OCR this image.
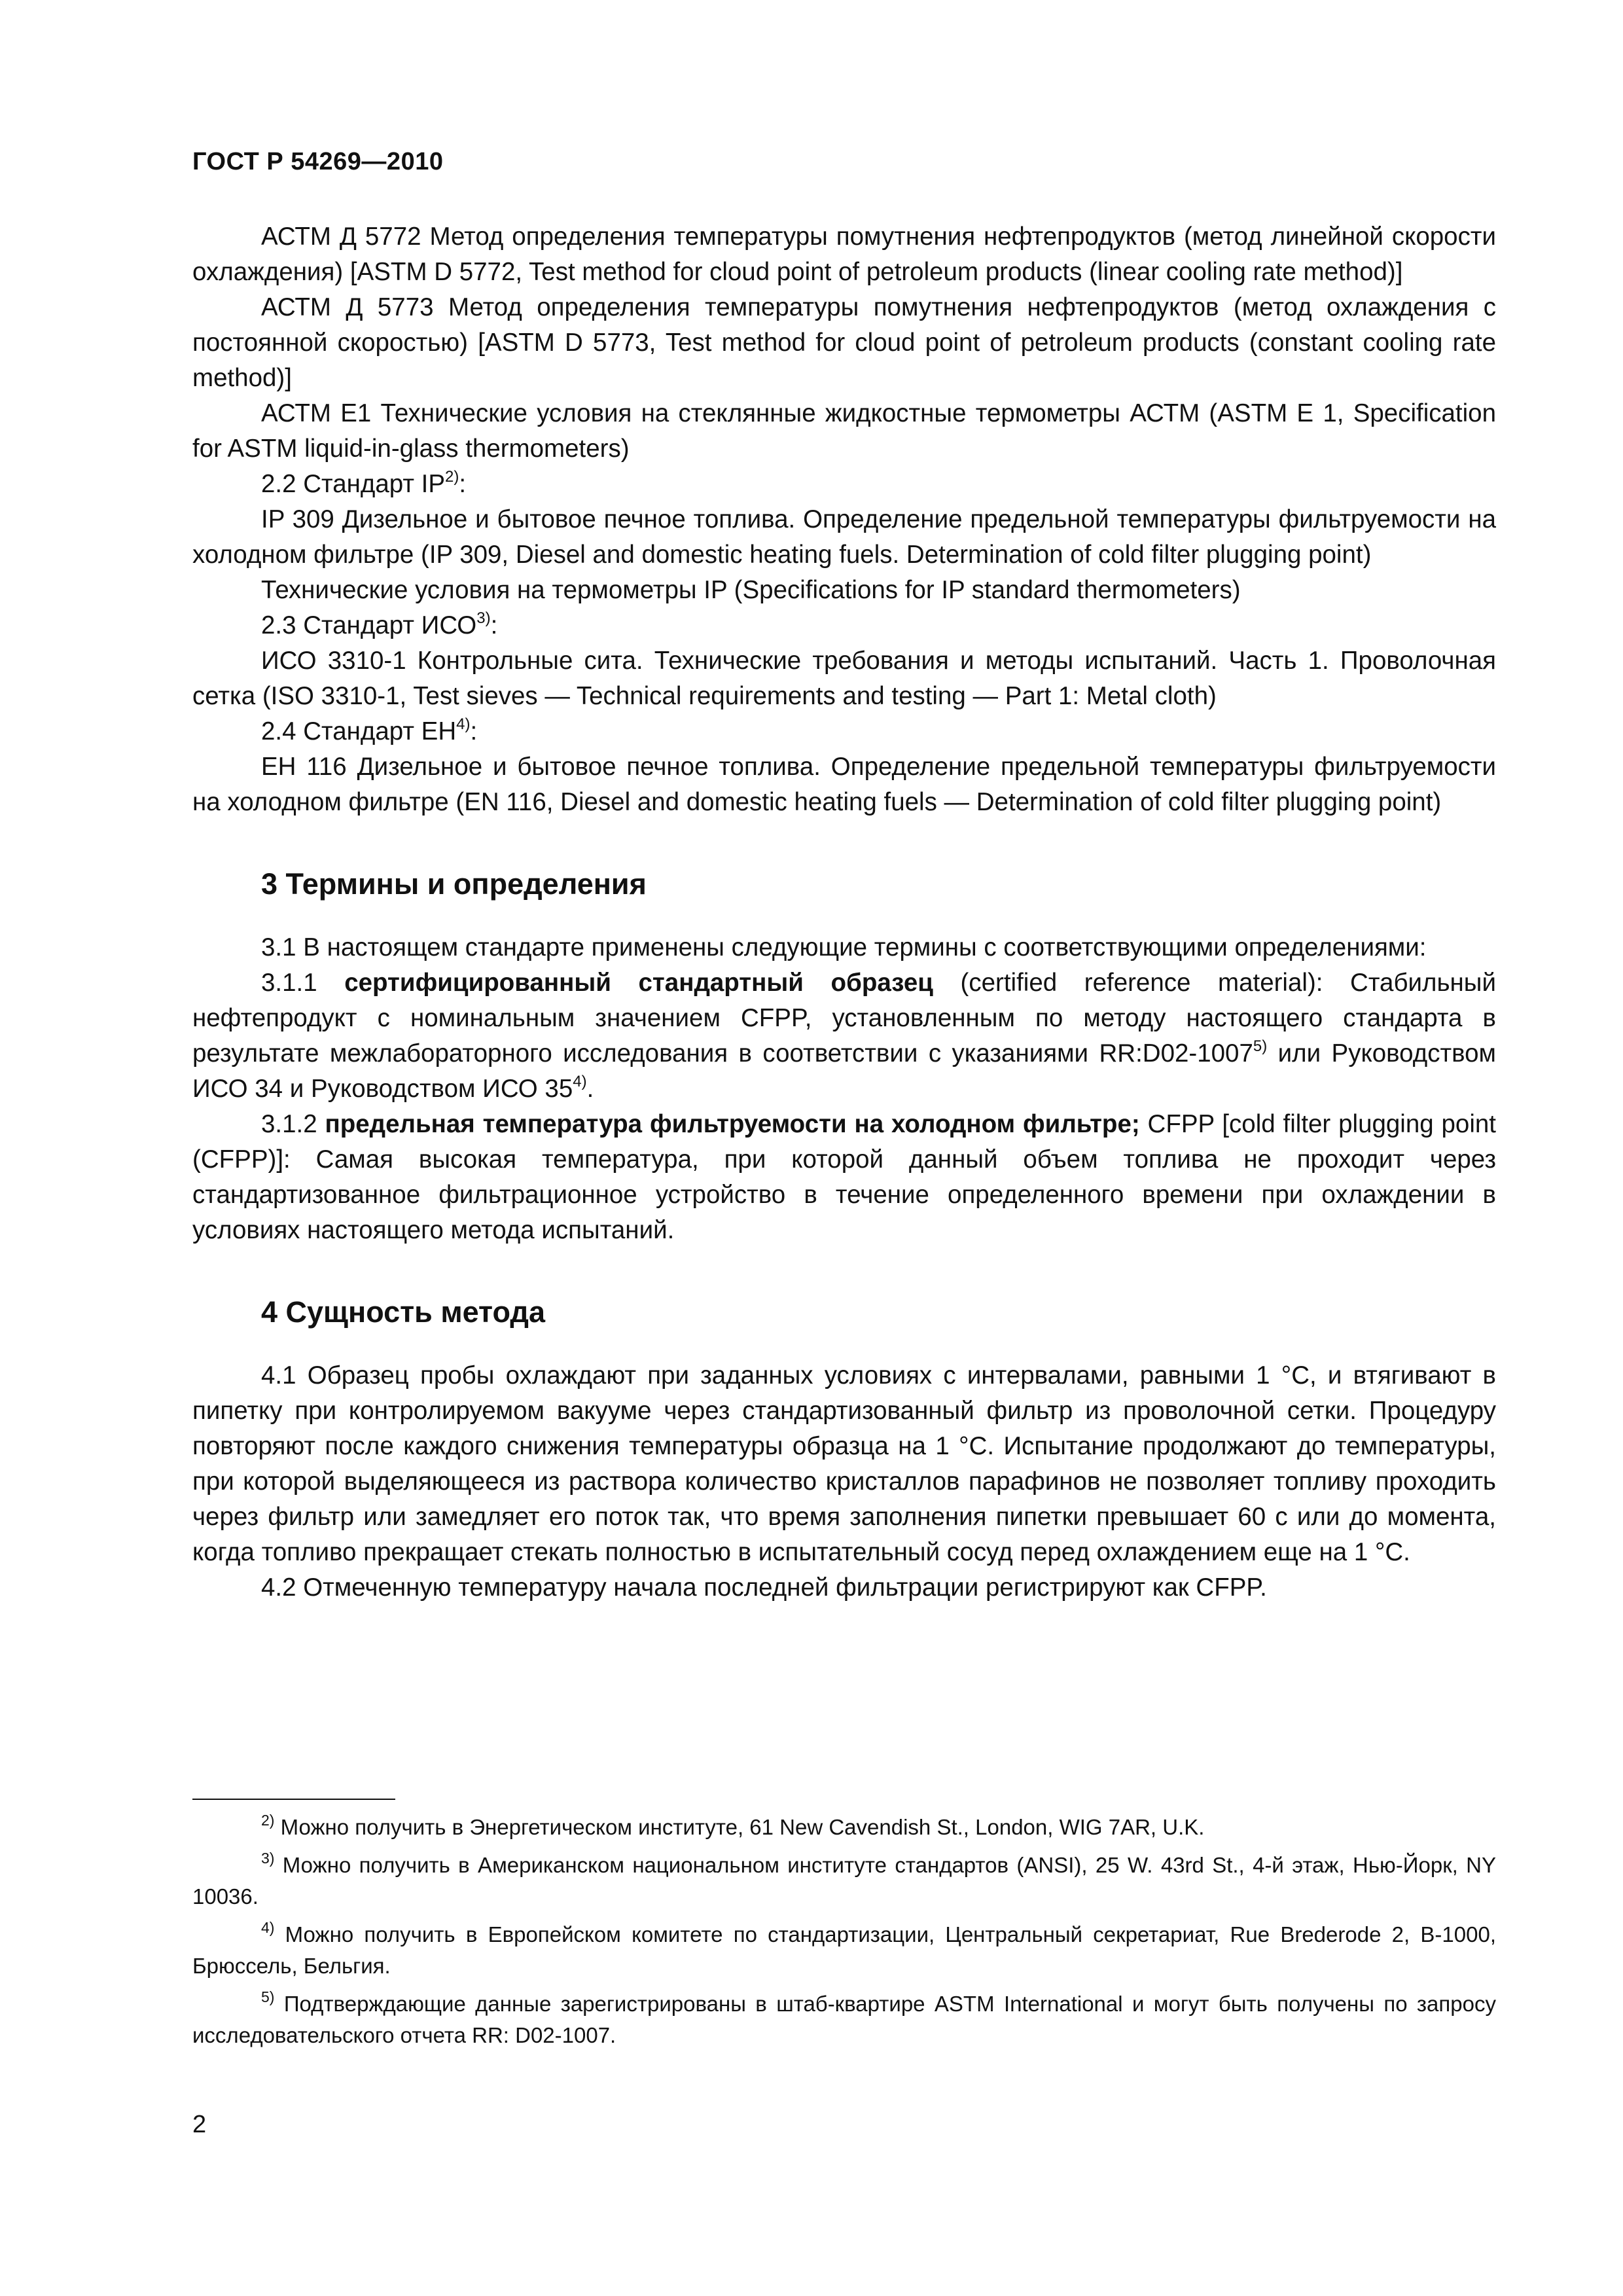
ГОСТ Р 54269—2010

АСТМ Д 5772 Метод определения температуры помутнения нефтепродуктов (метод линейной скорости охлаждения) [ASTM D 5772, Test method for cloud point of petroleum products (linear cooling rate method)]

АСТМ Д 5773 Метод определения температуры помутнения нефтепродуктов (метод охлаждения с постоянной скоростью) [ASTM D 5773, Test method for cloud point of petroleum products (constant cooling rate method)]

АСТМ Е1 Технические условия на стеклянные жидкостные термометры АСТМ (ASTM Е 1, Specification for ASTM liquid-in-glass thermometers)

2.2 Стандарт IP$^{2)}$:

IP 309 Дизельное и бытовое печное топлива. Определение предельной температуры фильтруемости на холодном фильтре (IP 309, Diesel and domestic heating fuels. Determination of cold filter plugging point)

Технические условия на термометры IP (Specifications for IP standard thermometers)

2.3 Стандарт ИСО$^{3)}$:

ИСО 3310-1 Контрольные сита. Технические требования и методы испытаний. Часть 1. Проволочная сетка (ISO 3310-1, Test sieves — Technical requirements and testing — Part 1: Metal cloth)

2.4 Стандарт ЕН$^{4)}$:

ЕН 116 Дизельное и бытовое печное топлива. Определение предельной температуры фильтруемости на холодном фильтре (EN 116, Diesel and domestic heating fuels — Determination of cold filter plugging point)

3 Термины и определения

3.1 В настоящем стандарте применены следующие термины с соответствующими определениями:

3.1.1 сертифицированный стандартный образец (certified reference material): Стабильный нефтепродукт с номинальным значением CFPP, установленным по методу настоящего стандарта в результате межлабораторного исследования в соответствии с указаниями RR:D02-1007$^{5)}$ или Руководством ИСО 34 и Руководством ИСО 35$^{4)}$.

3.1.2 предельная температура фильтруемости на холодном фильтре; CFPP [cold filter plugging point (CFPP)]: Самая высокая температура, при которой данный объем топлива не проходит через стандартизованное фильтрационное устройство в течение определенного времени при охлаждении в условиях настоящего метода испытаний.

4 Сущность метода

4.1 Образец пробы охлаждают при заданных условиях с интервалами, равными 1 °С, и втягивают в пипетку при контролируемом вакууме через стандартизованный фильтр из проволочной сетки. Процедуру повторяют после каждого снижения температуры образца на 1 °С. Испытание продолжают до температуры, при которой выделяющееся из раствора количество кристаллов парафинов не позволяет топливу проходить через фильтр или замедляет его поток так, что время заполнения пипетки превышает 60 с или до момента, когда топливо прекращает стекать полностью в испытательный сосуд перед охлаждением еще на 1 °С.

4.2 Отмеченную температуру начала последней фильтрации регистрируют как CFPP.

$^{2)}$ Можно получить в Энергетическом институте, 61 New Cavendish St., London, WIG 7AR, U.K.
$^{3)}$ Можно получить в Американском национальном институте стандартов (ANSI), 25 W. 43rd St., 4-й этаж, Нью-Йорк, NY 10036.
$^{4)}$ Можно получить в Европейском комитете по стандартизации, Центральный секретариат, Rue Brederode 2, В-1000, Брюссель, Бельгия.
$^{5)}$ Подтверждающие данные зарегистрированы в штаб-квартире ASTM International и могут быть получены по запросу исследовательского отчета RR: D02-1007.
2
